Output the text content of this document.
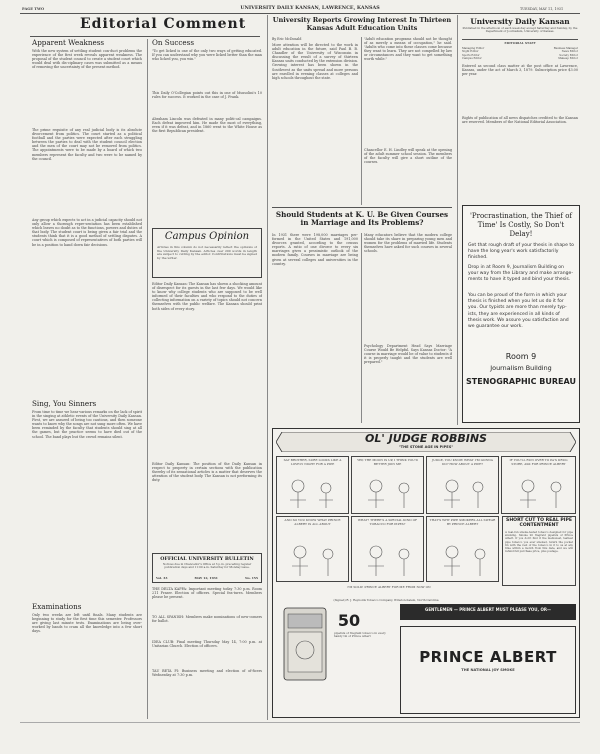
PAGE TWO	UNIVERSITY DAILY KANSAN, LAWRENCE, KANSAS	TUESDAY, MAY 11, 1931
Editorial Comment
Apparent Weakness
With the new system of settling student con-duct problems the experience of the first week reveals apparent weakness. The proposal of the student council to create a student court which would deal with dis-ciplinary cases was submitted as a means of removing the uncertainty of the present method.
The prime requisite of any real judicial body is its absolute divorcement from politics. The court started as a political football and the parties were expected after each struggling between the parties to deal with the student council election and the men of the court may not be removed from politics. The appointments were to be made by a board of which two members represent the faculty and two were to be named by the council.
Any group which expects to act in a judicial capacity should not only allow a thorough repre-sentation has been established which leaves no doubt as to the functions, powers and duties of that body. The student court is being given a fair trial and the students think that it is a good method of settling disputes. A court which is composed of representatives of both parties will be in a position to hand down fair decisions.
Sing, You Sinners
From time to time we hear various remarks on the lack of spirit in the singing at athletic events of the University Daily Kansan. First, we are assured of being too cautious, and then someone wants to know why the songs are not sung more often. We have been reminded by the faculty that students should sing at all the games, but the practice seems to have died out of the school. The band plays but the crowd remains silent.
Examinations
Only two weeks are left until finals. Many students are beginning to study for the first time this semester. Professors are giving last minute tests. Examinations are being over-worked by bands to cram all the knowledge into a few short days.
On Success
"To get licked is one of the only two ways of getting educated. If you can understand why you were licked better than the man who licked you, you win."
This Daily O'Collegian points out this in one of Mussolini's 10 rules for success. It worked in the case of J. Frank.
Abraham Lincoln was defeated in many politi-cal campaigns. Each defeat improved him. He made the most of everything, even if it was defeat, and in 1860 went to the White House as the first Republican president.
Campus Opinion
Articles in this column do not necessarily reflect the opinions of the University Daily Kansan. Articles over 200 words in length are subject to cutting by the editor. Contributions must be signed by the writer.
Editor Daily Kansan: The Kansan has shown a shocking amount of disrespect for its guests in the last few days. We would like to know why college students who are supposed to be well informed of their faculties and who respond to the duties of collecting information on a variety of topics should not concern themselves with the public welfare. The Kansan should print both sides of every story.
Editor Daily Kansan: The position of the Daily Kansan in respect to property in certain sections with the publication thereby of its sensational articles is a matter that deserves the attention of the student body. The Kansan is not performing its duty.
OFFICIAL UNIVERSITY BULLETIN
Notices due in Chancellor's Office at 3 p.m. preceding regular publication days and 11:00 a.m. Saturday for Monday issue.
Vol. 33	MAY 12, 1931	No. 155
THE DELTA KAPPA: Important meeting today 7:30 p.m. Room 211 Fraser. Election of officers. Special fea-tures. Members please be present.
TO ALL SPANISH: Members make nominations of new-comers for ballot.
IDEA CLUB: Final meeting Thursday May 14, 7:00 p.m. at Unitarian Church. Election of officers.
TAU BETA PI: Business meeting and election of of-ficers Wednesday at 7:30 p.m.
University Reports Growing Interest In Thirteen Kansas Adult Education Units
By Eric McDonald
More attention will be directed to the work in adult education in the future, said Paul B. B. Chandler of the University of Wisconsin in discussing the result of a survey of thirteen Kansas units conducted by the extension division. Growing interest has been shown in the Southwest as the units spread and more persons are enrolled in evening classes at colleges and high schools throughout the state.
"Adult education programs should not be thought of as merely a means of occupation," he said. "Adults who come into these classes come because they want to learn. They are not compelled by law or circumstances and they want to get something worth while."
Chancellor E. H. Lindley will speak at the opening of the adult summer school session. The members of the faculty will give a short outline of the courses.
Should Students at K. U. Be Given Courses in Marriage and Its Problems?
In 1931 there were 198,000 marriages per-formed in the United States and 191,000 divorces granted, according to the census reports. A ratio of one divorce to every six marriages gives a pessimistic outlook of the modern family. Courses in marriage are being given at several colleges and universities in the country.
Many educators believe that the modern college should take its share in preparing young men and women for the problems of married life. Students themselves have asked for such courses in several schools.
Psychology Department Head Says Marriage Course Would Be Helpful. Says Kansas Doctor: "A course in marriage would be of value to students if it is properly taught and the students are well prepared."
University Daily Kansan
Published in the afternoon of each week day except Saturday and Sunday, by the Department of Journalism, University of Kansas.
EDITORIAL STAFF
Managing Editor	Business Manager
Night Editor	News Editor
Sports Editor	Society Editor
Campus Editor	Makeup Editor
Entered as second class matter at the post office at Lawrence, Kansas, under the act of March 3, 1879. Subscription price $3.00 per year.
Rights of publication of all news dispatches credited to the Kansan are reserved. Members of the National Editorial Association.
'Procrastination, the Thief of Time' Is Costly, So Don't Delay!
Get that rough draft of your thesis in shape to have the long year's work satisfactorily finished.
Drop in at Room 9, Journalism Building on your way from the Library and make arrange-ments to have it typed and bind your thesis.
You can be proud of the form in which your thesis is finished when you let us do it for you. Our typists are more than merely typ-ists, they are experienced in all kinds of thesis work. We assure you satisfaction and we guarantee our work.
Room 9
Journalism Building
STENOGRAPHIC BUREAU
OL' JUDGE ROBBINS
"THE STONE AGE IN PIPES"
SAY BROTHER, SURE LOOKS LIKE A LOVELY NIGHT FOR A PIPE
YEP, THE MOON IS UP, I THINK YOU'D BETTER JOIN ME
JUDGE, YOU KNOW WHAT I'M GONNA DO? HOW ABOUT A PIPE?
IF YOU'LL RUN OVER TO PA'S DRUG STORE, ASK FOR PRINCE ALBERT
AND SO YOU KNOW WHAT PRINCE ALBERT IS ALL ABOUT
WHAT? THERE'S A SPECIAL KIND OF TOBACCO FOR PIPES?
THAT'S WHY PIPE SMOKERS ALL SWEAR BY PRINCE ALBERT
I'M SOLD! PRINCE ALBERT FOR ME FROM NOW ON
SHORT CUT TO REAL PIPE CONTENTMENT
A real-run smoke-tested tobacco designed for pipe smoking. Smoke 20 fragrant pipefuls of Prince Albert. If you don't find it the mellowest, tastiest pipe tobacco you ever smoked, return the pocket tin with the rest of the tobacco in it to us at any time within a month from this date, and we will refund full purchase price, plus postage.
(Signed) R. J. Reynolds Tobacco Company, Winston-Salem, North Carolina
50
pipefuls of fragrant tobacco in every handy tin of Prince Albert
GENTLEMEN — PRINCE ALBERT MUST PLEASE YOU, OR—
PRINCE ALBERT
THE NATIONAL JOY SMOKE
